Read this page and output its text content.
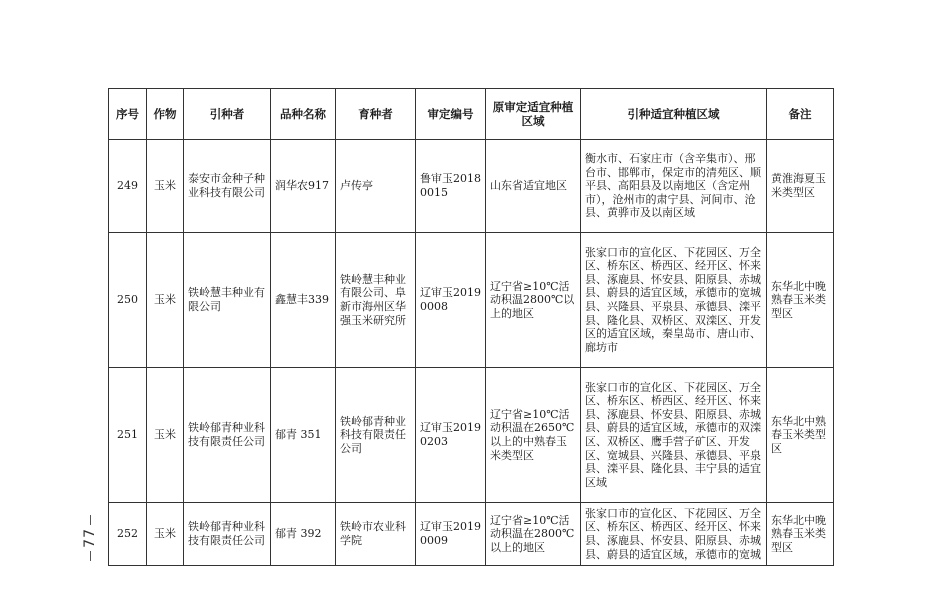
序号	作物	引种者	品种名称	育种者	审定编号	原审定适宜种植区域	引种适宜种植区域	备注
249	玉米	泰安市金种子种业科技有限公司	润华农917	卢传亭	鲁审玉20180015	山东省适宜地区	衡水市、石家庄市（含辛集市）、邢台市、邯郸市，保定市的清苑区、顺平县、高阳县及以南地区（含定州市），沧州市的肃宁县、河间市、沧县、黄骅市及以南区域	黄淮海夏玉米类型区
250	玉米	铁岭慧丰种业有限公司	鑫慧丰339	铁岭慧丰种业有限公司、阜新市海州区华强玉米研究所	辽审玉20190008	辽宁省≥10℃活动积温2800℃以上的地区	张家口市的宣化区、下花园区、万全区、桥东区、桥西区、经开区、怀来县、涿鹿县、怀安县、阳原县、赤城县、蔚县的适宜区域，承德市的宽城县、兴隆县、平泉县、承德县、滦平县、隆化县、双桥区、双滦区、开发区的适宜区域，秦皇岛市、唐山市、廊坊市	东华北中晚熟春玉米类型区
251	玉米	铁岭郁青种业科技有限责任公司	郁青 351	铁岭郁青种业科技有限责任公司	辽审玉20190203	辽宁省≥10℃活动积温在2650℃以上的中熟春玉米类型区	张家口市的宣化区、下花园区、万全区、桥东区、桥西区、经开区、怀来县、涿鹿县、怀安县、阳原县、赤城县、蔚县的适宜区域，承德市的双滦区、双桥区、鹰手营子矿区、开发区、宽城县、兴隆县、承德县、平泉县、滦平县、隆化县、丰宁县的适宜区域	东华北中熟春玉米类型区
252	玉米	铁岭郁青种业科技有限责任公司	郁青 392	铁岭市农业科学院	辽审玉20190009	辽宁省≥10℃活动积温在2800℃以上的地区	张家口市的宣化区、下花园区、万全区、桥东区、桥西区、经开区、怀来县、涿鹿县、怀安县、阳原县、赤城县、蔚县的适宜区域，承德市的宽城	东华北中晚熟春玉米类型区
77
